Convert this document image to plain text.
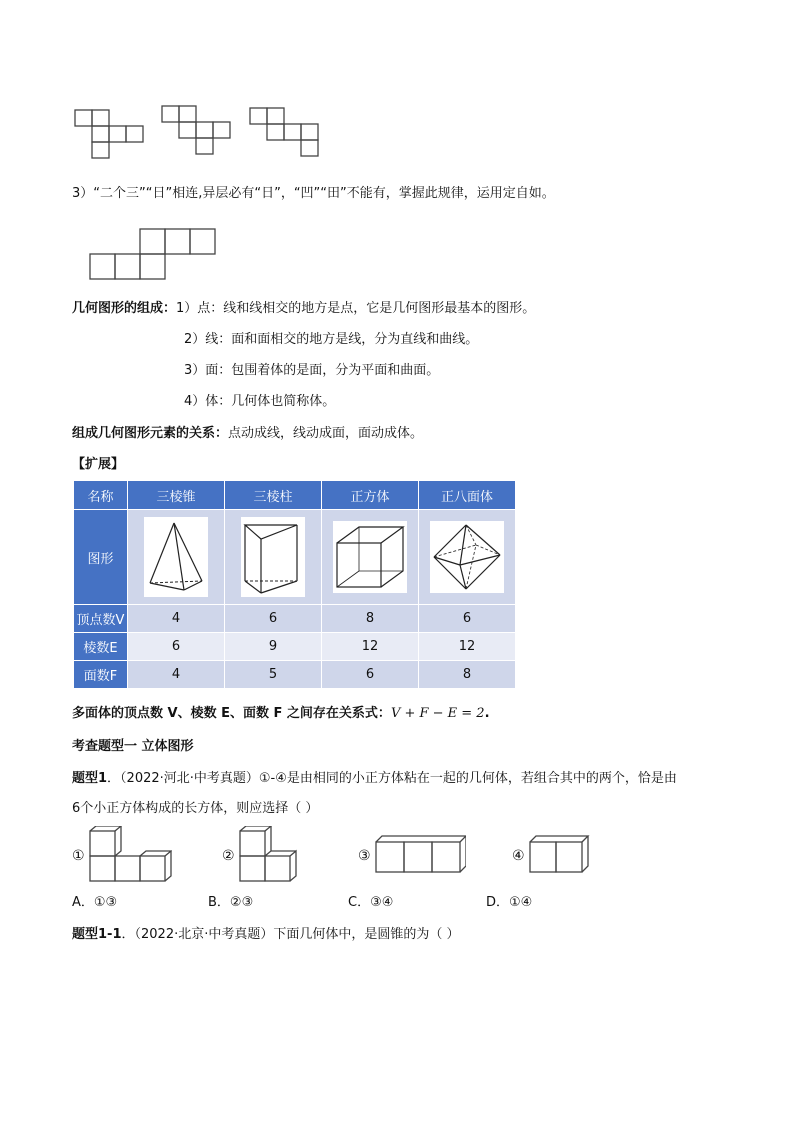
3）“二个三”“日”相连,异层必有“日”，“凹”“田”不能有，掌握此规律，运用定自如。
几何图形的组成：1）点：线和线相交的地方是点，它是几何图形最基本的图形。
2）线：面和面相交的地方是线，分为直线和曲线。
3）面：包围着体的是面，分为平面和曲面。
4）体：几何体也简称体。
组成几何图形元素的关系：点动成线，线动成面，面动成体。
【扩展】
名称	三棱锥	三棱柱	正方体	正八面体
图形				
顶点数V	4	6	8	6
棱数E	6	9	12	12
面数F	4	5	6	8
多面体的顶点数 V、棱数 E、面数 F 之间存在关系式：V + F − E = 2.
考查题型一 立体图形
题型1．（2022·河北·中考真题）①-④是由相同的小正方体粘在一起的几何体，若组合其中的两个，恰是由
6个小正方体构成的长方体，则应选择（ ）
①	②	③	④
A．①③	B．②③	C．③④	D．①④
题型1-1．（2022·北京·中考真题）下面几何体中，是圆锥的为（ ）
